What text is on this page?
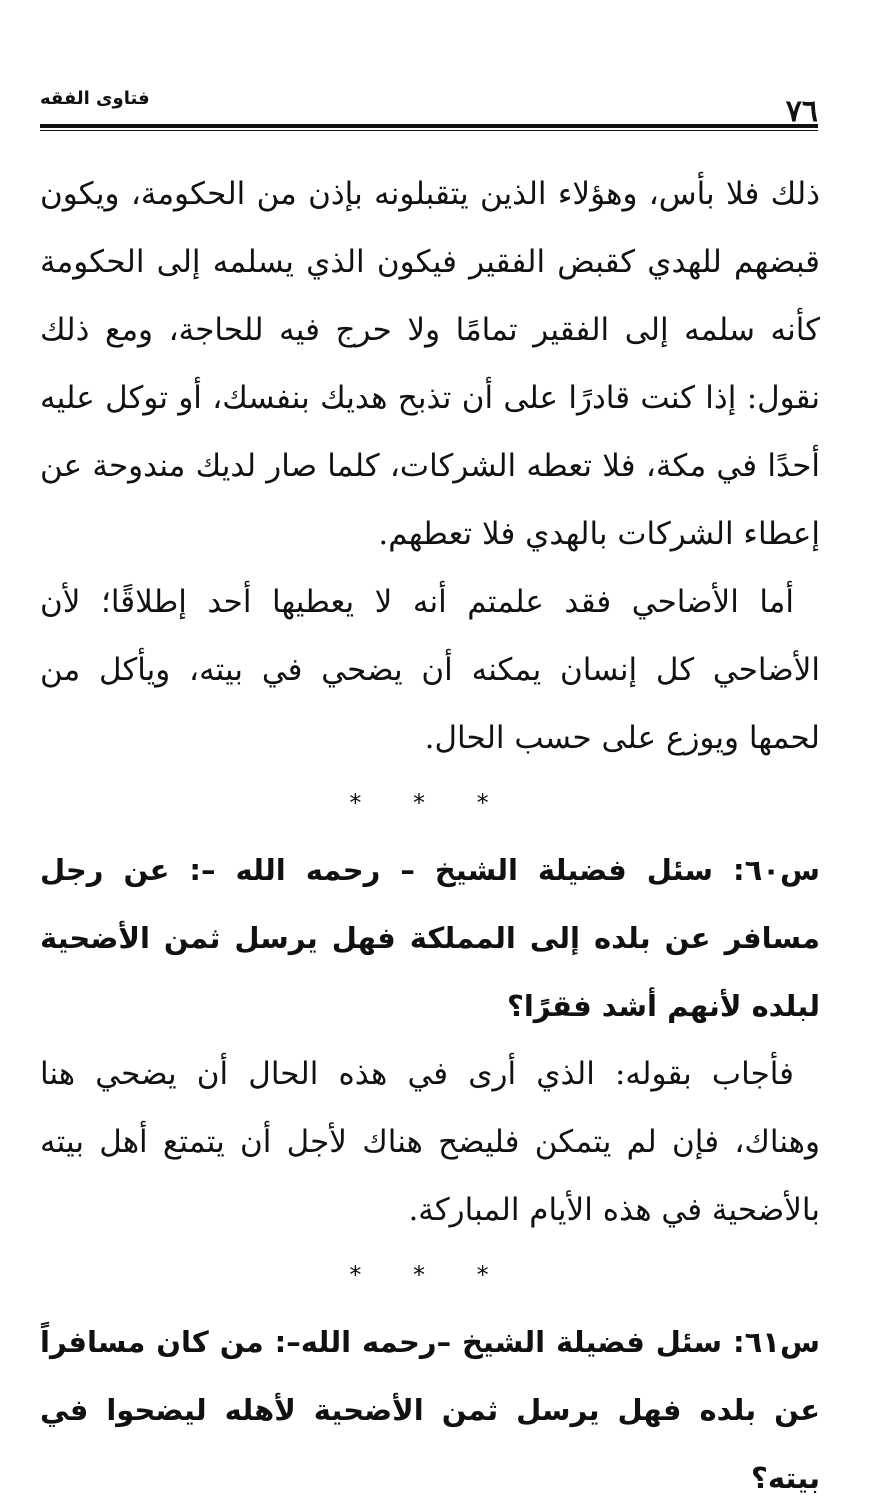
٧٦
فتاوى الفقه

ذلك فلا بأس، وهؤلاء الذين يتقبلونه بإذن من الحكومة، ويكون قبضهم للهدي كقبض الفقير فيكون الذي يسلمه إلى الحكومة كأنه سلمه إلى الفقير تمامًا ولا حرج فيه للحاجة، ومع ذلك نقول: إذا كنت قادرًا على أن تذبح هديك بنفسك، أو توكل عليه أحدًا في مكة، فلا تعطه الشركات، كلما صار لديك مندوحة عن إعطاء الشركات بالهدي فلا تعطهم.

أما الأضاحي فقد علمتم أنه لا يعطيها أحد إطلاقًا؛ لأن الأضاحي كل إنسان يمكنه أن يضحي في بيته، ويأكل من لحمها ويوزع على حسب الحال.

* * *

س٦٠: سئل فضيلة الشيخ – رحمه الله –: عن رجل مسافر عن بلده إلى المملكة فهل يرسل ثمن الأضحية لبلده لأنهم أشد فقرًا؟

فأجاب بقوله: الذي أرى في هذه الحال أن يضحي هنا وهناك، فإن لم يتمكن فليضح هناك لأجل أن يتمتع أهل بيته بالأضحية في هذه الأيام المباركة.

* * *

س٦١: سئل فضيلة الشيخ –رحمه الله–: من كان مسافراً عن بلده فهل يرسل ثمن الأضحية لأهله ليضحوا في بيته؟
